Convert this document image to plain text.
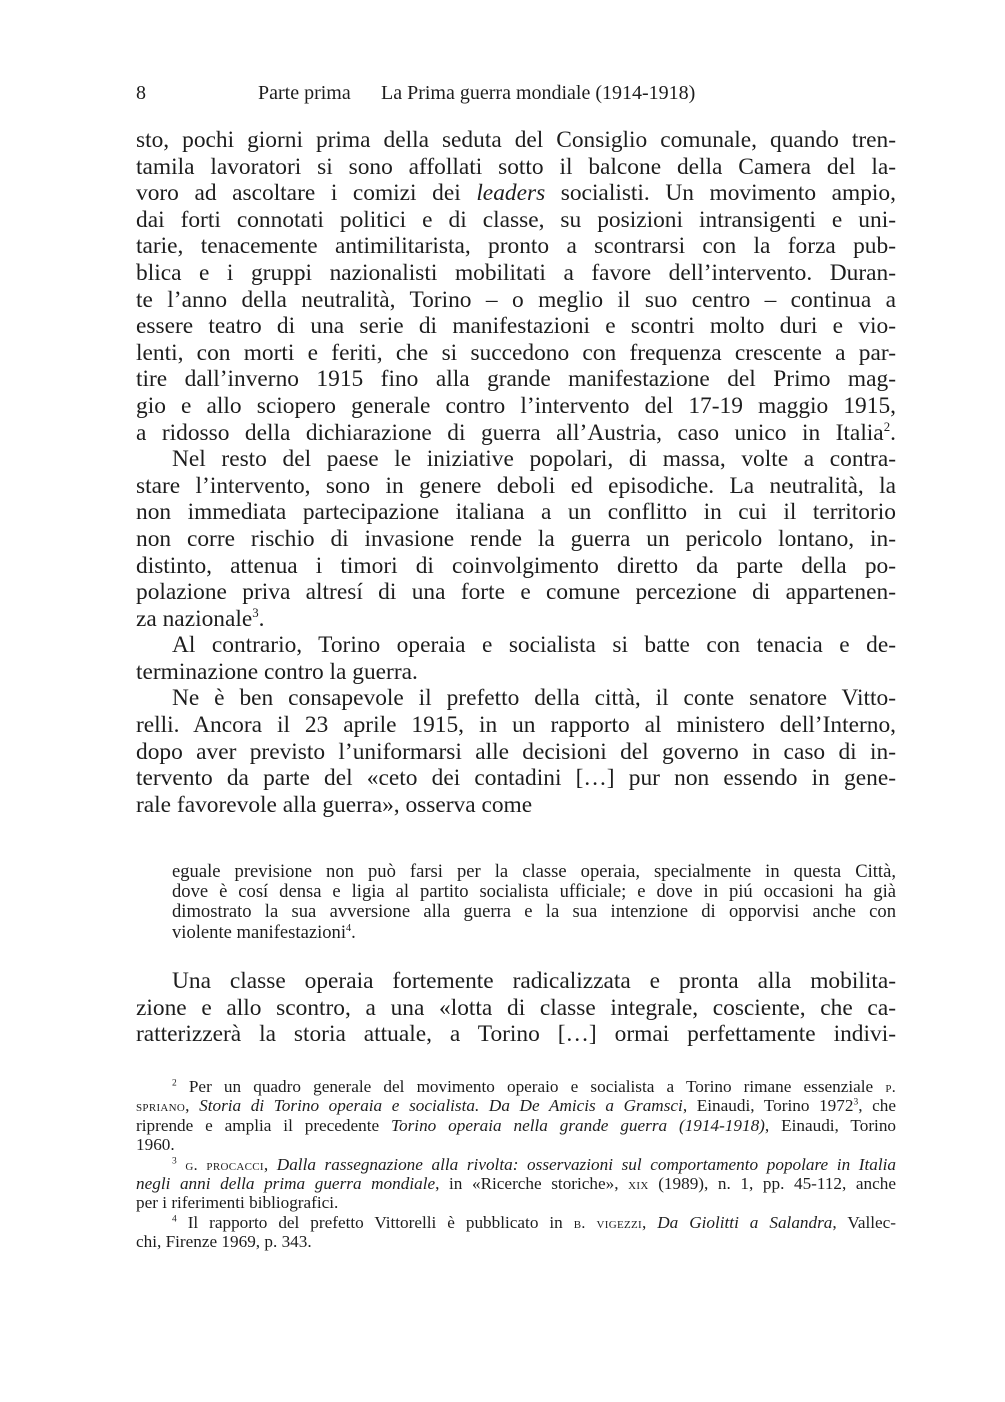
8	Parte prima La Prima guerra mondiale (1914-1918)
sto, pochi giorni prima della seduta del Consiglio comunale, quando tren-
tamila lavoratori si sono affollati sotto il balcone della Camera del la-
voro ad ascoltare i comizi dei leaders socialisti. Un movimento ampio,
dai forti connotati politici e di classe, su posizioni intransigenti e uni-
tarie, tenacemente antimilitarista, pronto a scontrarsi con la forza pub-
blica e i gruppi nazionalisti mobilitati a favore dell’intervento. Duran-
te l’anno della neutralità, Torino – o meglio il suo centro – continua a
essere teatro di una serie di manifestazioni e scontri molto duri e vio-
lenti, con morti e feriti, che si succedono con frequenza crescente a par-
tire dall’inverno 1915 fino alla grande manifestazione del Primo mag-
gio e allo sciopero generale contro l’intervento del 17-19 maggio 1915,
a ridosso della dichiarazione di guerra all’Austria, caso unico in Italia$^2$.
Nel resto del paese le iniziative popolari, di massa, volte a contra-
stare l’intervento, sono in genere deboli ed episodiche. La neutralità, la
non immediata partecipazione italiana a un conflitto in cui il territorio
non corre rischio di invasione rende la guerra un pericolo lontano, in-
distinto, attenua i timori di coinvolgimento diretto da parte della po-
polazione priva altresí di una forte e comune percezione di appartenen-
za nazionale$^3$.
Al contrario, Torino operaia e socialista si batte con tenacia e de-
terminazione contro la guerra.
Ne è ben consapevole il prefetto della città, il conte senatore Vitto-
relli. Ancora il 23 aprile 1915, in un rapporto al ministero dell’Interno,
dopo aver previsto l’uniformarsi alle decisioni del governo in caso di in-
tervento da parte del «ceto dei contadini […] pur non essendo in gene-
rale favorevole alla guerra», osserva come
eguale previsione non può farsi per la classe operaia, specialmente in questa Città,
dove è cosí densa e ligia al partito socialista ufficiale; e dove in piú occasioni ha già
dimostrato la sua avversione alla guerra e la sua intenzione di opporvisi anche con
violente manifestazioni$^4$.
Una classe operaia fortemente radicalizzata e pronta alla mobilita-
zione e allo scontro, a una «lotta di classe integrale, cosciente, che ca-
ratterizzerà la storia attuale, a Torino […] ormai perfettamente indivi-
$^2$ Per un quadro generale del movimento operaio e socialista a Torino rimane essenziale p.
spriano, Storia di Torino operaia e socialista. Da De Amicis a Gramsci, Einaudi, Torino 1972$^3$, che
riprende e amplia il precedente Torino operaia nella grande guerra (1914-1918), Einaudi, Torino
1960.
$^3$ g. procacci, Dalla rassegnazione alla rivolta: osservazioni sul comportamento popolare in Italia
negli anni della prima guerra mondiale, in «Ricerche storiche», xix (1989), n. 1, pp. 45-112, anche
per i riferimenti bibliografici.
$^4$ Il rapporto del prefetto Vittorelli è pubblicato in b. vigezzi, Da Giolitti a Salandra, Vallec-
chi, Firenze 1969, p. 343.
